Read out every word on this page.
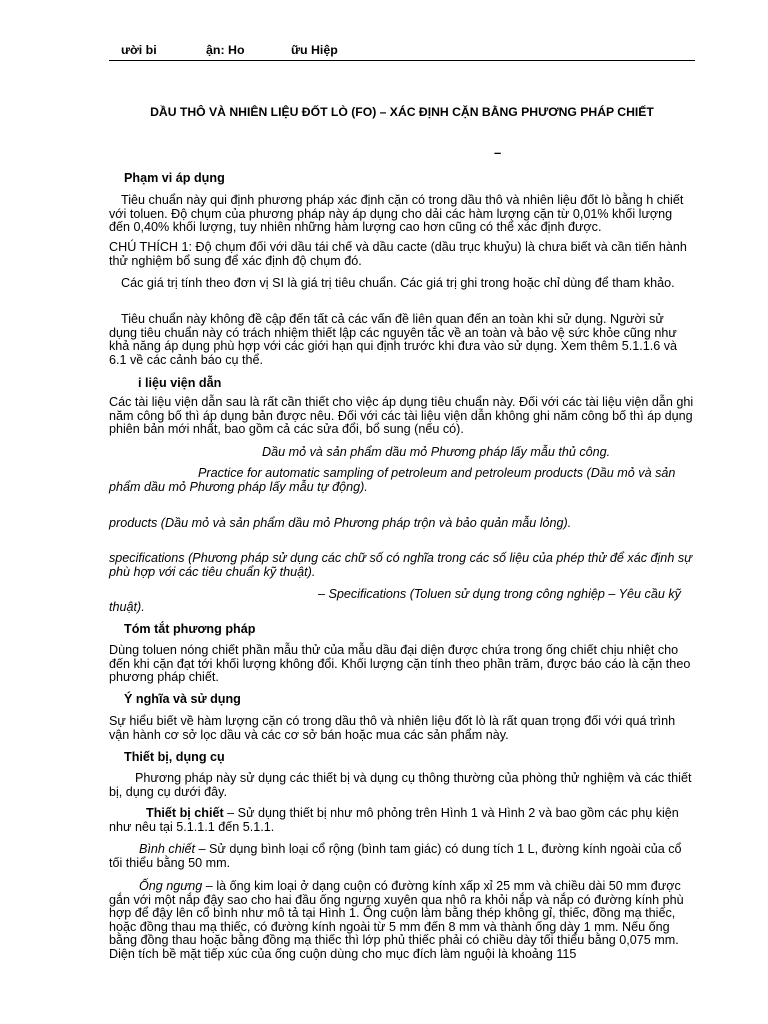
ười bi	ận: Ho	ữu Hiệp
DẦU THÔ VÀ NHIÊN LIỆU ĐỐT LÒ (FO) – XÁC ĐỊNH CẶN BẰNG PHƯƠNG PHÁP CHIẾT
–

Phạm vi áp dụng

Tiêu chuẩn này qui định phương pháp xác định cặn có trong dầu thô và nhiên liệu đốt lò bằng h chiết với toluen. Độ chụm của phương pháp này áp dụng cho dải các hàm lượng cặn từ 0,01% khối lượng đến 0,40% khối lượng, tuy nhiên những hàm lượng cao hơn cũng có thể xác định được.

CHÚ THÍCH 1: Độ chụm đối với dầu tái chế và dầu cacte (dầu trục khuỷu) là chưa biết và cần tiến hành thử nghiệm bổ sung để xác định độ chụm đó.

Các giá trị tính theo đơn vị SI là giá trị tiêu chuẩn. Các giá trị ghi trong hoặc chỉ dùng để tham khảo.

Tiêu chuẩn này không đề cập đến tất cả các vấn đề liên quan đến an toàn khi sử dụng. Người sử dụng tiêu chuẩn này có trách nhiệm thiết lập các nguyên tắc về an toàn và bảo vệ sức khỏe cũng như khả năng áp dụng phù hợp với các giới hạn qui định trước khi đưa vào sử dụng. Xem thêm 5.1.1.6 và 6.1 về các cảnh báo cụ thể.

i liệu viện dẫn

Các tài liệu viện dẫn sau là rất cần thiết cho việc áp dụng tiêu chuẩn này. Đối với các tài liệu viện dẫn ghi năm công bố thì áp dụng bản được nêu. Đối với các tài liệu viện dẫn không ghi năm công bố thì áp dụng phiên bản mới nhất, bao gồm cả các sửa đổi, bổ sung (nếu có).

Dầu mỏ và sản phẩm dầu mỏ Phương pháp lấy mẫu thủ công.

Practice for automatic sampling of petroleum and petroleum products (Dầu mỏ và sản phẩm dầu mỏ Phương pháp lấy mẫu tự động).

products (Dầu mỏ và sản phẩm dầu mỏ Phương pháp trộn và bảo quản mẫu lỏng).

specifications (Phương pháp sử dụng các chữ số có nghĩa trong các số liệu của phép thử để xác định sự phù hợp với các tiêu chuẩn kỹ thuật).

– Specifications (Toluen sử dụng trong công nghiệp – Yêu cầu kỹ

thuật).

Tóm tắt phương pháp

Dùng toluen nóng chiết phần mẫu thử của mẫu dầu đại diện được chứa trong ống chiết chịu nhiệt cho đến khi cặn đạt tới khối lượng không đổi. Khối lượng cặn tính theo phần trăm, được báo cáo là cặn theo phương pháp chiết.

Ý nghĩa và sử dụng

Sự hiểu biết về hàm lượng cặn có trong dầu thô và nhiên liệu đốt lò là rất quan trọng đối với quá trình vận hành cơ sở lọc dầu và các cơ sở bán hoặc mua các sản phẩm này.

Thiết bị, dụng cụ

Phương pháp này sử dụng các thiết bị và dụng cụ thông thường của phòng thử nghiệm và các thiết bị, dụng cụ dưới đây.

Thiết bị chiết – Sử dụng thiết bị như mô phỏng trên Hình 1 và Hình 2 và bao gồm các phụ kiện như nêu tại 5.1.1.1 đến 5.1.1.

Bình chiết – Sử dụng bình loại cổ rộng (bình tam giác) có dung tích 1 L, đường kính ngoài của cổ tối thiểu bằng 50 mm.

Ống ngưng – là ống kim loại ở dạng cuộn có đường kính xấp xỉ 25 mm và chiều dài 50 mm được gắn với một nắp đậy sao cho hai đầu ống ngưng xuyên qua nhô ra khỏi nắp và nắp có đường kính phù hợp để đậy lên cổ bình như mô tả tại Hình 1. Ống cuộn làm bằng thép không gỉ, thiếc, đồng mạ thiếc, hoặc đồng thau mạ thiếc, có đường kính ngoài từ 5 mm đến 8 mm và thành ống dày 1 mm. Nếu ống bằng đồng thau hoặc bằng đồng mạ thiếc thì lớp phủ thiếc phải có chiều dày tối thiểu bằng 0,075 mm. Diện tích bề mặt tiếp xúc của ống cuộn dùng cho mục đích làm nguội là khoảng 115
